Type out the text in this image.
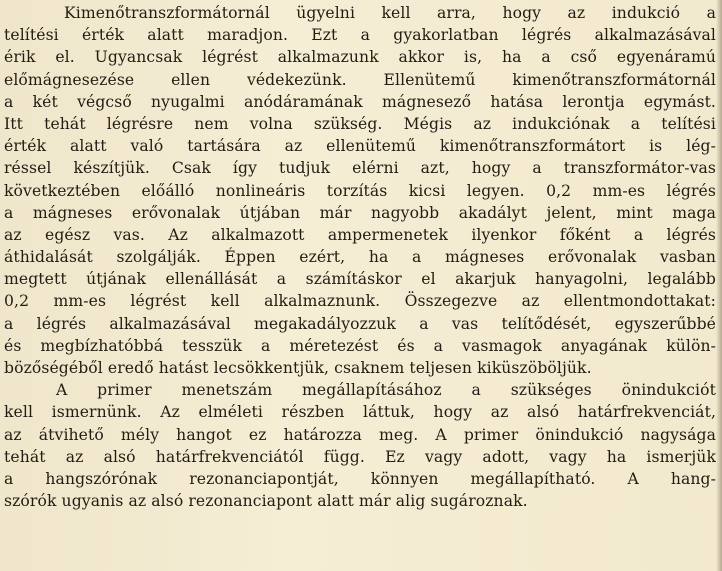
Kimenőtranszformátornál ügyelni kell arra, hogy az indukció a
telítési érték alatt maradjon. Ezt a gyakorlatban légrés alkalmazásával
érik el. Ugyancsak légrést alkalmazunk akkor is, ha a cső egyenáramú
előmágnesezése ellen védekezünk. Ellenütemű kimenőtranszformátornál
a két végcső nyugalmi anódáramának mágnesező hatása lerontja egymást.
Itt tehát légrésre nem volna szükség. Mégis az indukciónak a telítési
érték alatt való tartására az ellenütemű kimenőtranszformátort is lég-
réssel készítjük. Csak így tudjuk elérni azt, hogy a transzformátor-vas
következtében előálló nonlineáris torzítás kicsi legyen. 0,2 mm-es légrés
a mágneses erővonalak útjában már nagyobb akadályt jelent, mint maga
az egész vas. Az alkalmazott ampermenetek ilyenkor főként a légrés
áthidalását szolgálják. Éppen ezért, ha a mágneses erővonalak vasban
megtett útjának ellenállását a számításkor el akarjuk hanyagolni, legalább
0,2 mm-es légrést kell alkalmaznunk. Összegezve az ellentmondottakat:
a légrés alkalmazásával megakadályozzuk a vas telítődését, egyszerűbbé
és megbízhatóbbá tesszük a méretezést és a vasmagok anyagának külön-
bözőségéből eredő hatást lecsökkentjük, csaknem teljesen kiküszöböljük.
A primer menetszám megállapításához a szükséges önindukciót
kell ismernünk. Az elméleti részben láttuk, hogy az alsó határfrekvenciát,
az átvihető mély hangot ez határozza meg. A primer önindukció nagysága
tehát az alsó határfrekvenciától függ. Ez vagy adott, vagy ha ismerjük
a hangszórónak rezonanciapontját, könnyen megállapítható. A hang-
szórók ugyanis az alsó rezonanciapont alatt már alig sugároznak.
